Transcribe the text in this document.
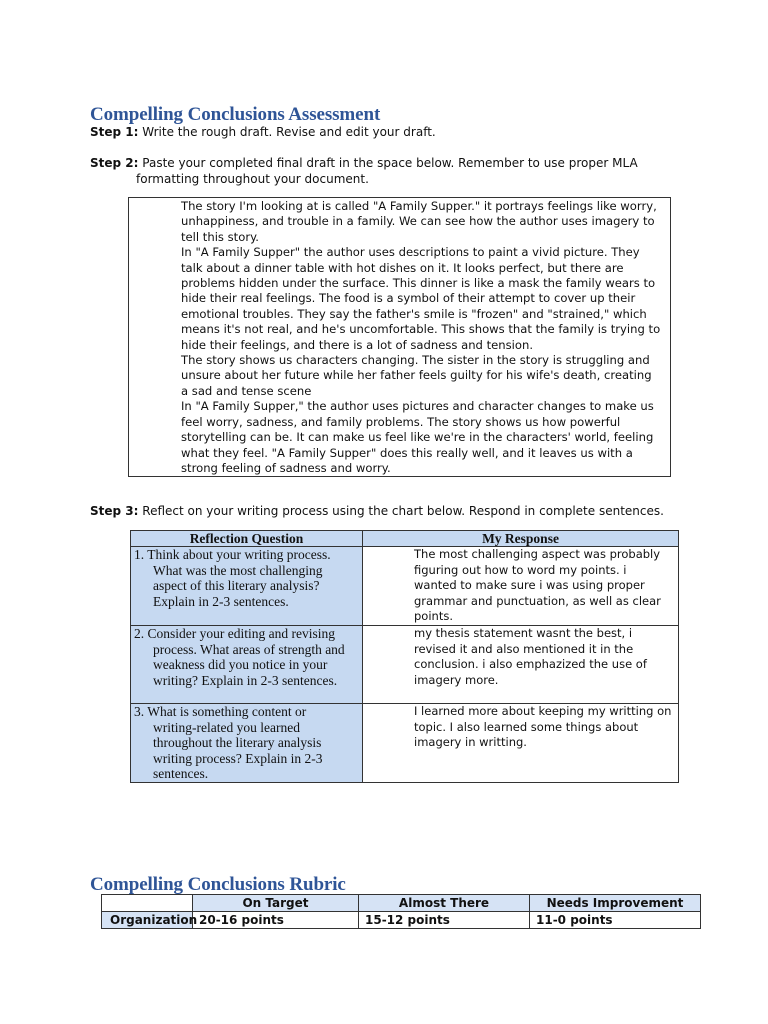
Compelling Conclusions Assessment
Step 1: Write the rough draft. Revise and edit your draft.
Step 2: Paste your completed final draft in the space below. Remember to use proper MLA
formatting throughout your document.

The story I'm looking at is called "A Family Supper." it portrays feelings like worry, unhappiness, and trouble in a family. We can see how the author uses imagery to tell this story.

In "A Family Supper" the author uses descriptions to paint a vivid picture. They talk about a dinner table with hot dishes on it. It looks perfect, but there are problems hidden under the surface. This dinner is like a mask the family wears to hide their real feelings. The food is a symbol of their attempt to cover up their emotional troubles. They say the father's smile is "frozen" and "strained," which means it's not real, and he's uncomfortable. This shows that the family is trying to hide their feelings, and there is a lot of sadness and tension.

The story shows us characters changing. The sister in the story is struggling and unsure about her future while her father feels guilty for his wife's death, creating a sad and tense scene

In "A Family Supper," the author uses pictures and character changes to make us feel worry, sadness, and family problems. The story shows us how powerful storytelling can be. It can make us feel like we're in the characters' world, feeling what they feel. "A Family Supper" does this really well, and it leaves us with a strong feeling of sadness and worry.

Step 3: Reflect on your writing process using the chart below. Respond in complete sentences.
Reflection Question	My Response

1. Think about your writing process. What was the most challenging aspect of this literary analysis? Explain in 2-3 sentences.	The most challenging aspect was probably figuring out how to word my points. i wanted to make sure i was using proper grammar and punctuation, as well as clear points.

2. Consider your editing and revising process. What areas of strength and weakness did you notice in your writing? Explain in 2-3 sentences.	my thesis statement wasnt the best, i revised it and also mentioned it in the conclusion. i also emphazized the use of imagery more.

3. What is something content or writing-related you learned throughout the literary analysis writing process? Explain in 2-3 sentences.	I learned more about keeping my writting on topic. I also learned some things about imagery in writting.
Compelling Conclusions Rubric
	On Target	Almost There	Needs Improvement
Organization	20-16 points	15-12 points	11-0 points
